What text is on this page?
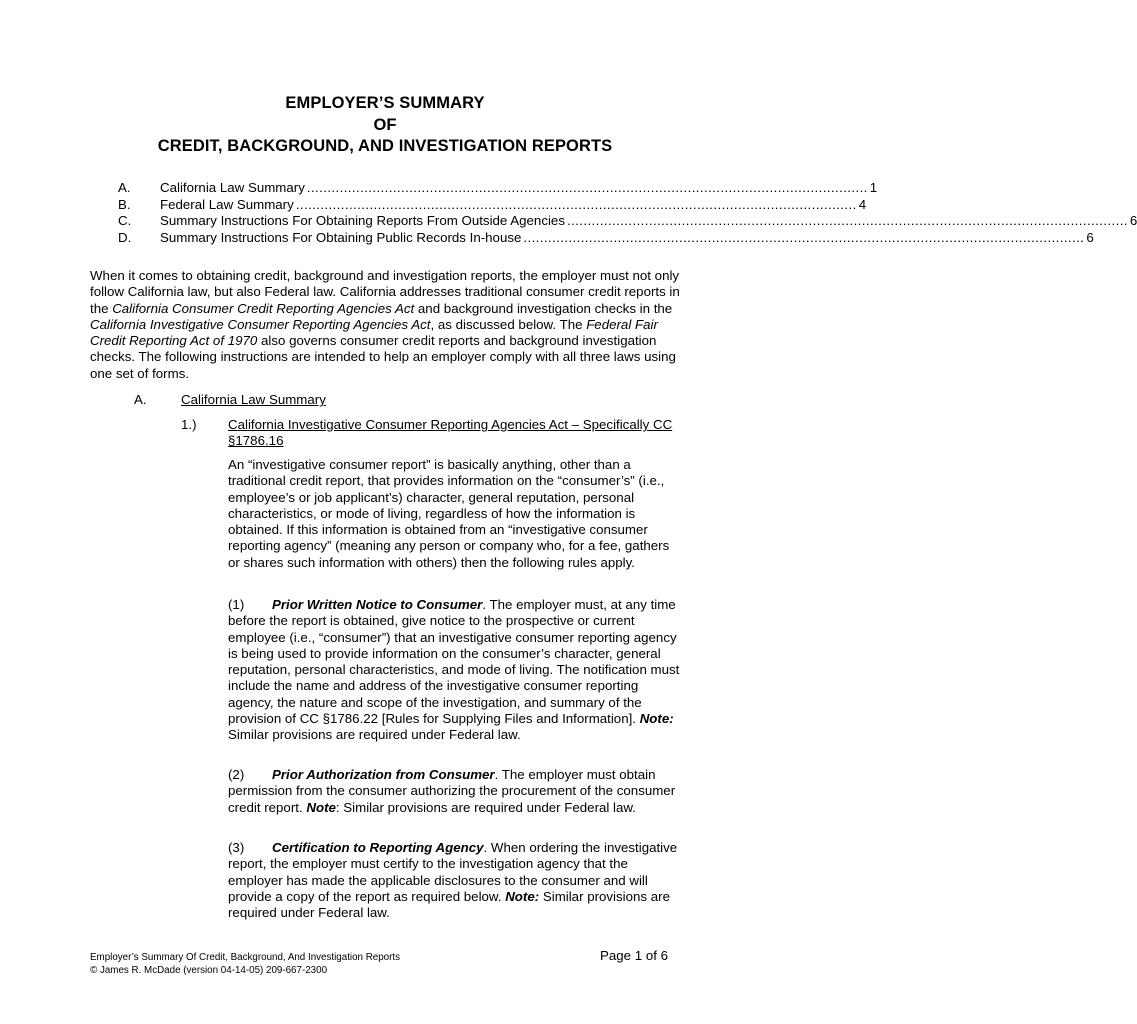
EMPLOYER’S SUMMARY
OF
CREDIT, BACKGROUND, AND INVESTIGATION REPORTS
A.	California Law Summary ......................................................................................................................................... 1
B.	Federal Law Summary ......................................................................................................................................... 4
C.	Summary Instructions For Obtaining Reports From Outside Agencies ......................................................................................................................................... 6
D.	Summary Instructions For Obtaining Public Records In-house ......................................................................................................................................... 6

When it comes to obtaining credit, background and investigation reports, the employer must not only follow California law, but also Federal law. California addresses traditional consumer credit reports in the California Consumer Credit Reporting Agencies Act and background investigation checks in the California Investigative Consumer Reporting Agencies Act, as discussed below. The Federal Fair Credit Reporting Act of 1970 also governs consumer credit reports and background investigation checks. The following instructions are intended to help an employer comply with all three laws using one set of forms.

A.	California Law Summary
1.) California Investigative Consumer Reporting Agencies Act – Specifically CC §1786.16

An “investigative consumer report” is basically anything, other than a traditional credit report, that provides information on the “consumer’s” (i.e., employee’s or job applicant’s) character, general reputation, personal characteristics, or mode of living, regardless of how the information is obtained. If this information is obtained from an “investigative consumer reporting agency” (meaning any person or company who, for a fee, gathers or shares such information with others) then the following rules apply.

(1) Prior Written Notice to Consumer. The employer must, at any time before the report is obtained, give notice to the prospective or current employee (i.e., “consumer”) that an investigative consumer reporting agency is being used to provide information on the consumer’s character, general reputation, personal characteristics, and mode of living. The notification must include the name and address of the investigative consumer reporting agency, the nature and scope of the investigation, and summary of the provision of CC §1786.22 [Rules for Supplying Files and Information]. Note: Similar provisions are required under Federal law.

(2) Prior Authorization from Consumer. The employer must obtain permission from the consumer authorizing the procurement of the consumer credit report. Note: Similar provisions are required under Federal law.

(3) Certification to Reporting Agency. When ordering the investigative report, the employer must certify to the investigation agency that the employer has made the applicable disclosures to the consumer and will provide a copy of the report as required below. Note: Similar provisions are required under Federal law.

Employer’s Summary Of Credit, Background, And Investigation Reports
© James R. McDade (version 04-14-05) 209-667-2300
Page 1 of 6
